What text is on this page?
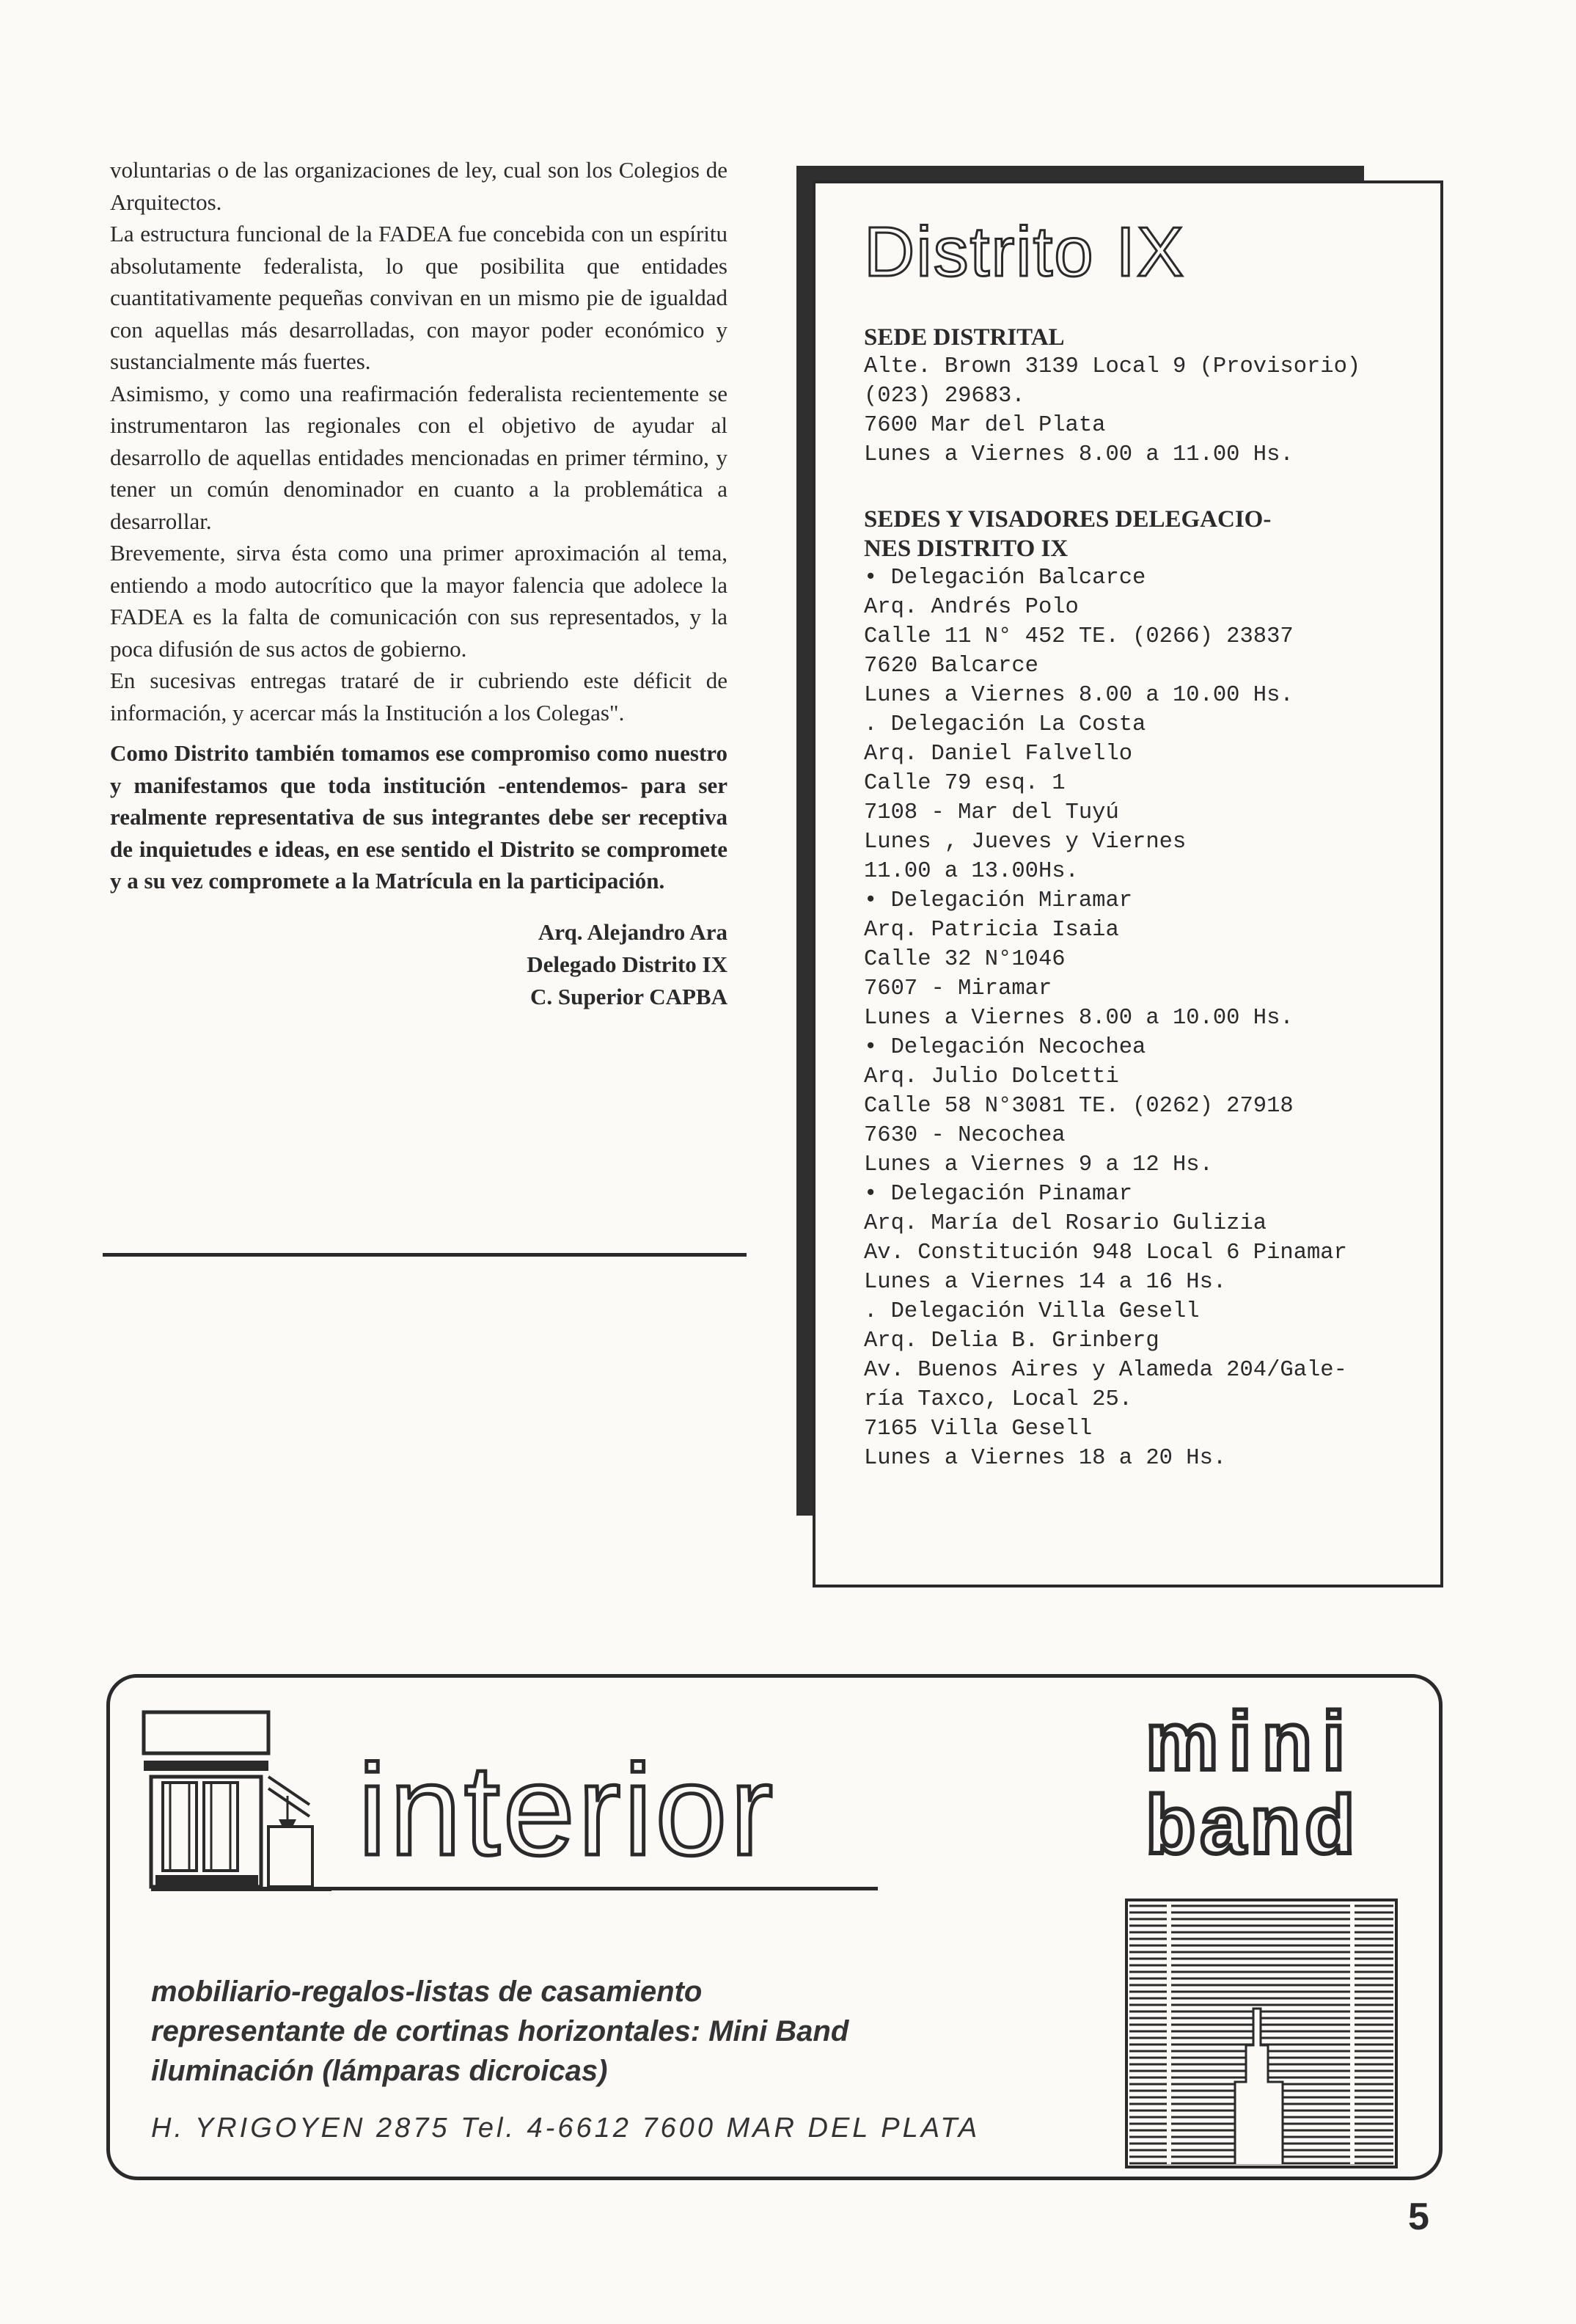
voluntarias o de las organizaciones de ley, cual son los Colegios de Arquitectos.

La estructura funcional de la FADEA fue concebida con un espíritu absolutamente federalista, lo que posibilita que entidades cuantitativamente pequeñas convivan en un mismo pie de igualdad con aquellas más desarrolladas, con mayor poder económico y sustancialmente más fuertes.

Asimismo, y como una reafirmación federalista recientemente se instrumentaron las regionales con el objetivo de ayudar al desarrollo de aquellas entidades mencionadas en primer término, y tener un común denominador en cuanto a la problemática a desarrollar.

Brevemente, sirva ésta como una primer aproximación al tema, entiendo a modo autocrítico que la mayor falencia que adolece la FADEA es la falta de comunicación con sus representados, y la poca difusión de sus actos de gobierno.

En sucesivas entregas trataré de ir cubriendo este déficit de información, y acercar más la Institución a los Colegas".

Como Distrito también tomamos ese compromiso como nuestro y manifestamos que toda institución -entendemos- para ser realmente representativa de sus integrantes debe ser receptiva de inquietudes e ideas, en ese sentido el Distrito se compromete y a su vez compromete a la Matrícula en la participación.

Arq. Alejandro Ara
Delegado Distrito IX
C. Superior CAPBA
Distrito IX
SEDE DISTRITAL
Alte. Brown 3139 Local 9 (Provisorio)
(023) 29683.
7600 Mar del Plata
Lunes a Viernes 8.00 a 11.00 Hs.
SEDES Y VISADORES DELEGACIO-
NES DISTRITO IX
• Delegación Balcarce
Arq. Andrés Polo
Calle 11 N° 452 TE. (0266) 23837
7620 Balcarce
Lunes a Viernes 8.00 a 10.00 Hs.
. Delegación La Costa
Arq. Daniel Falvello
Calle 79 esq. 1
7108 - Mar del Tuyú
Lunes , Jueves y Viernes
11.00 a 13.00Hs.
• Delegación Miramar
Arq. Patricia Isaia
Calle 32 N°1046
7607 - Miramar
Lunes a Viernes 8.00 a 10.00 Hs.
• Delegación Necochea
Arq. Julio Dolcetti
Calle 58 N°3081 TE. (0262) 27918
7630 - Necochea
Lunes a Viernes 9 a 12 Hs.
• Delegación Pinamar
Arq. María del Rosario Gulizia
Av. Constitución 948 Local 6 Pinamar
Lunes a Viernes 14 a 16 Hs.
. Delegación Villa Gesell
Arq. Delia B. Grinberg
Av. Buenos Aires y Alameda 204/Gale-
ría Taxco, Local 25.
7165 Villa Gesell
Lunes a Viernes 18 a 20 Hs.
interior
mobiliario-regalos-listas de casamiento
representante de cortinas horizontales: Mini Band
iluminación (lámparas dicroicas)
H. YRIGOYEN 2875 Tel. 4-6612 7600 MAR DEL PLATA
mini
band
5
